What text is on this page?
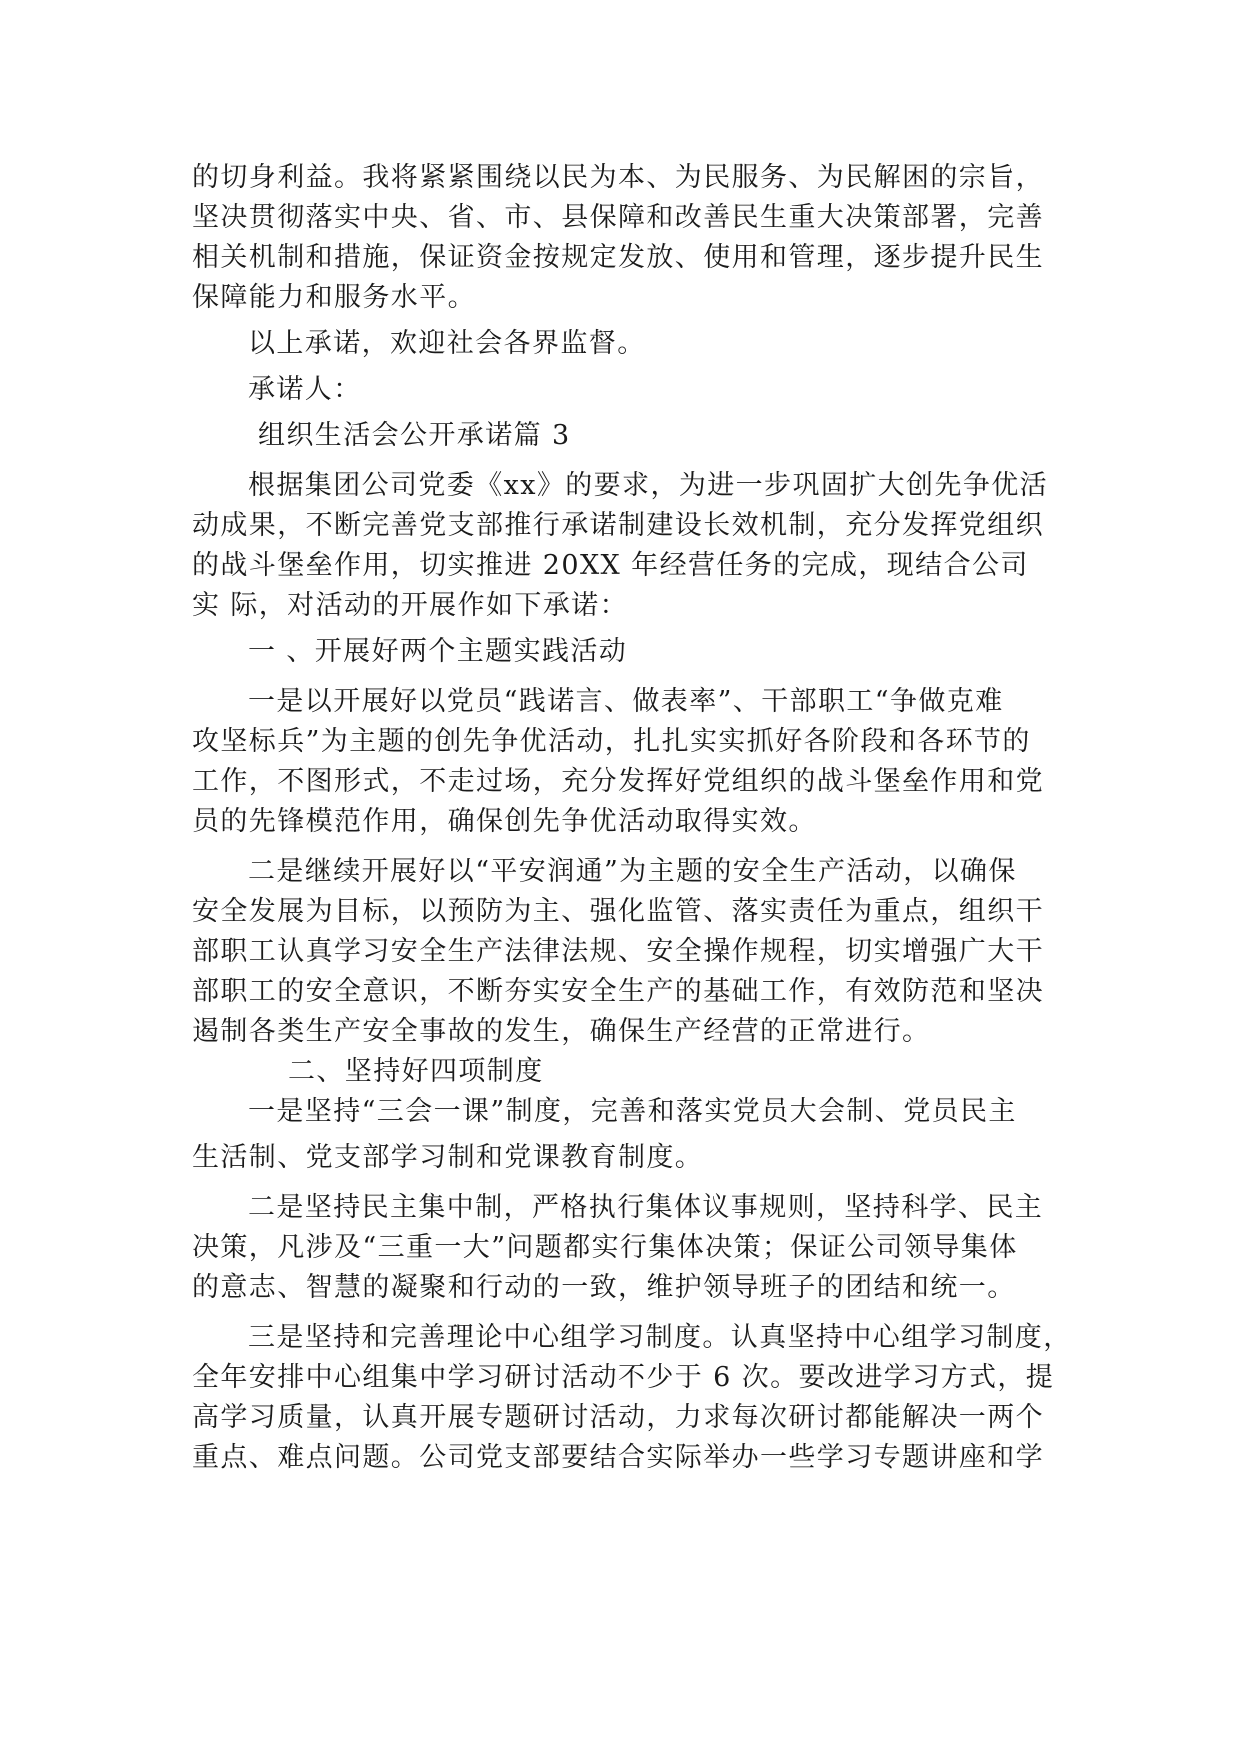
的切身利益。我将紧紧围绕以民为本、为民服务、为民解困的宗旨，
坚决贯彻落实中央、省、市、县保障和改善民生重大决策部署，完善
相关机制和措施，保证资金按规定发放、使用和管理，逐步提升民生
保障能力和服务水平。
以上承诺，欢迎社会各界监督。
承诺人：
组织生活会公开承诺篇 3
根据集团公司党委《xx》的要求，为进一步巩固扩大创先争优活
动成果，不断完善党支部推行承诺制建设长效机制，充分发挥党组织
的战斗堡垒作用，切实推进 20XX 年经营任务的完成，现结合公司
实 际，对活动的开展作如下承诺：
一 、开展好两个主题实践活动
一是以开展好以党员“践诺言、做表率”、干部职工“争做克难
攻坚标兵”为主题的创先争优活动，扎扎实实抓好各阶段和各环节的
工作，不图形式，不走过场，充分发挥好党组织的战斗堡垒作用和党
员的先锋模范作用，确保创先争优活动取得实效。
二是继续开展好以“平安润通”为主题的安全生产活动，以确保
安全发展为目标，以预防为主、强化监管、落实责任为重点，组织干
部职工认真学习安全生产法律法规、安全操作规程，切实增强广大干
部职工的安全意识，不断夯实安全生产的基础工作，有效防范和坚决
遏制各类生产安全事故的发生，确保生产经营的正常进行。
二、坚持好四项制度
一是坚持“三会一课”制度，完善和落实党员大会制、党员民主
生活制、党支部学习制和党课教育制度。
二是坚持民主集中制，严格执行集体议事规则，坚持科学、民主
决策，凡涉及“三重一大”问题都实行集体决策；保证公司领导集体
的意志、智慧的凝聚和行动的一致，维护领导班子的团结和统一。
三是坚持和完善理论中心组学习制度。认真坚持中心组学习制度，
全年安排中心组集中学习研讨活动不少于 6 次。要改进学习方式，提
高学习质量，认真开展专题研讨活动，力求每次研讨都能解决一两个
重点、难点问题。公司党支部要结合实际举办一些学习专题讲座和学
